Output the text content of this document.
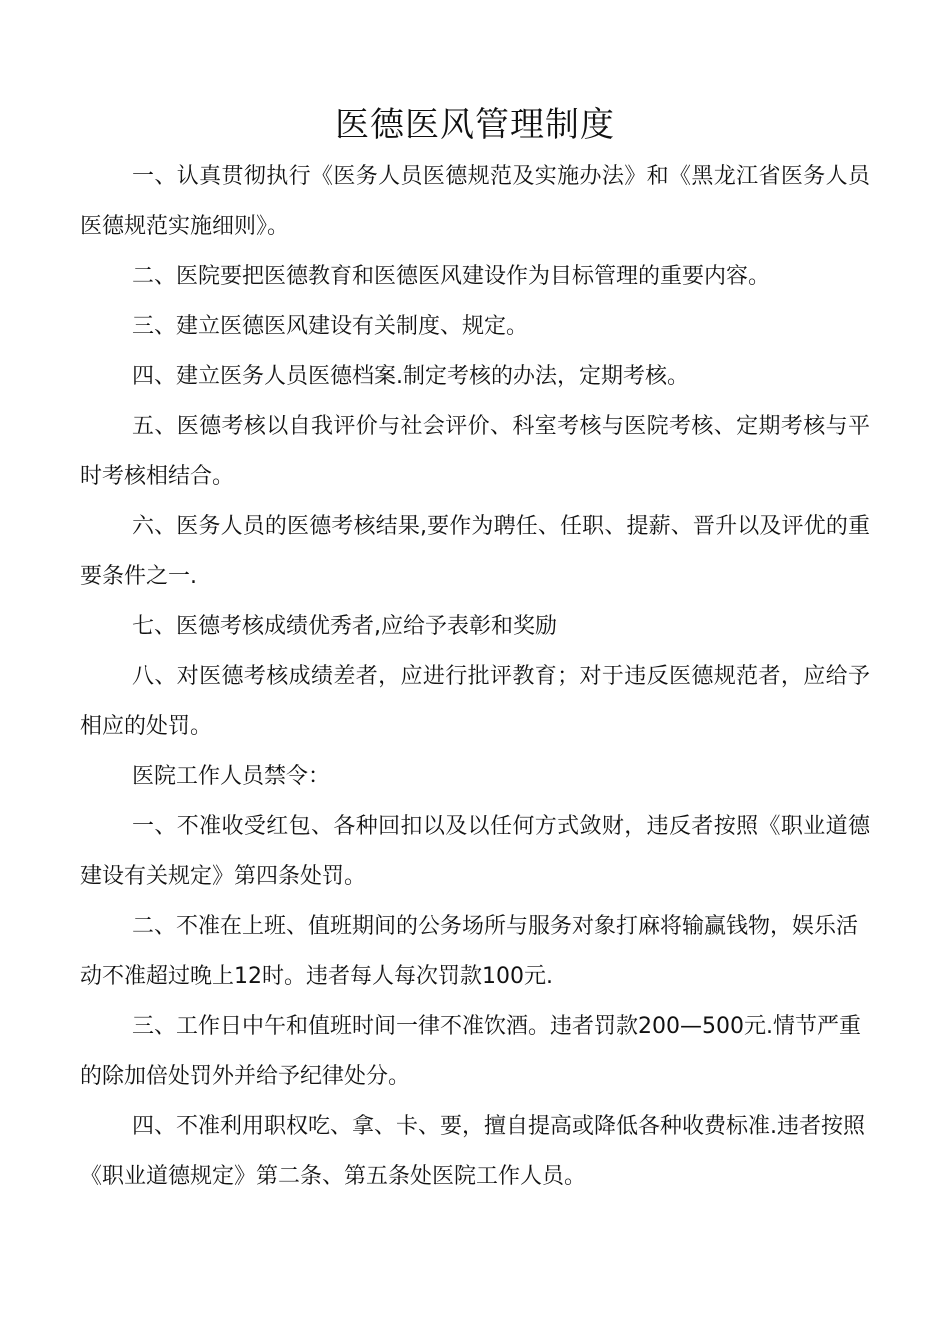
医德医风管理制度

一、认真贯彻执行《医务人员医德规范及实施办法》和《黑龙江省医务人员医德规范实施细则》。

二、医院要把医德教育和医德医风建设作为目标管理的重要内容。

三、建立医德医风建设有关制度、规定。

四、建立医务人员医德档案.制定考核的办法，定期考核。

五、医德考核以自我评价与社会评价、科室考核与医院考核、定期考核与平时考核相结合。

六、医务人员的医德考核结果,要作为聘任、任职、提薪、晋升以及评优的重要条件之一.

七、医德考核成绩优秀者,应给予表彰和奖励

八、对医德考核成绩差者，应进行批评教育；对于违反医德规范者，应给予相应的处罚。

医院工作人员禁令：

一、不准收受红包、各种回扣以及以任何方式敛财，违反者按照《职业道德建设有关规定》第四条处罚。

二、不准在上班、值班期间的公务场所与服务对象打麻将输赢钱物，娱乐活动不准超过晚上12时。违者每人每次罚款100元.

三、工作日中午和值班时间一律不准饮酒。违者罚款200—500元.情节严重的除加倍处罚外并给予纪律处分。

四、不准利用职权吃、拿、卡、要，擅自提高或降低各种收费标准.违者按照《职业道德规定》第二条、第五条处医院工作人员。
